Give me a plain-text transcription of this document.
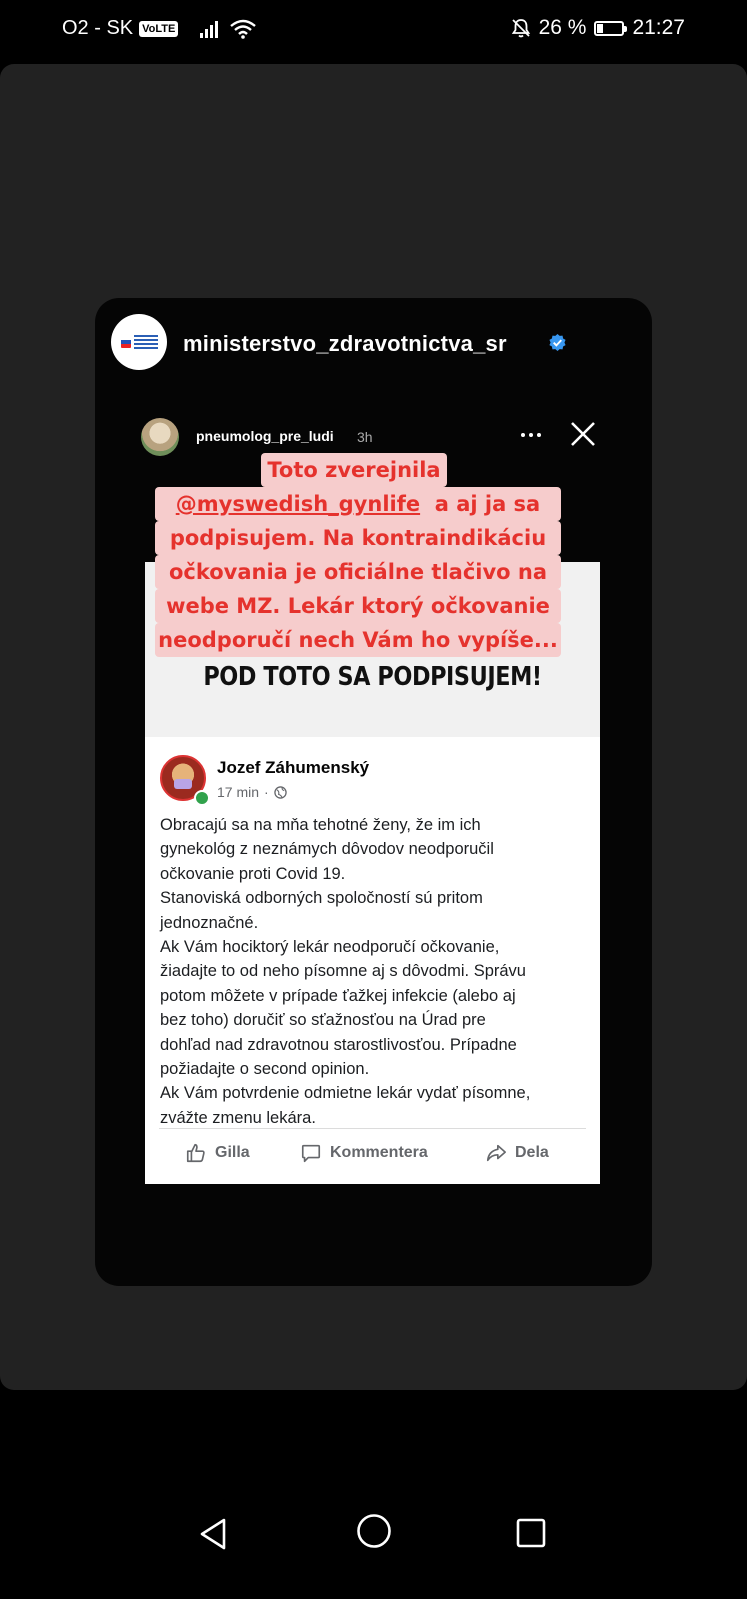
O2 - SK VoLTE	26 % 21:27
ministerstvo_zdravotnictva_sr
pneumolog_pre_ludi 3h
POD TOTO SA PODPISUJEM!
Jozef Záhumenský
17 min ·

Obracajú sa na mňa tehotné ženy, že im ich

gynekológ z neznámych dôvodov neodporučil

očkovanie proti Covid 19.

Stanoviská odborných spoločností sú pritom

jednoznačné.

Ak Vám hociktorý lekár neodporučí očkovanie,

žiadajte to od neho písomne aj s dôvodmi. Správu

potom môžete v prípade ťažkej infekcie (alebo aj

bez toho) doručiť so sťažnosťou na Úrad pre

dohľad nad zdravotnou starostlivosťou. Prípadne

požiadajte o second opinion.

Ak Vám potvrdenie odmietne lekár vydať písomne,

zvážte zmenu lekára.

Gilla	Kommentera	Dela
Toto zverejnila
@myswedish_gynlife
a aj ja sa
podpisujem. Na kontraindikáciu
očkovania je oficiálne tlačivo na
webe MZ. Lekár ktorý očkovanie
neodporučí nech Vám ho vypíše...
